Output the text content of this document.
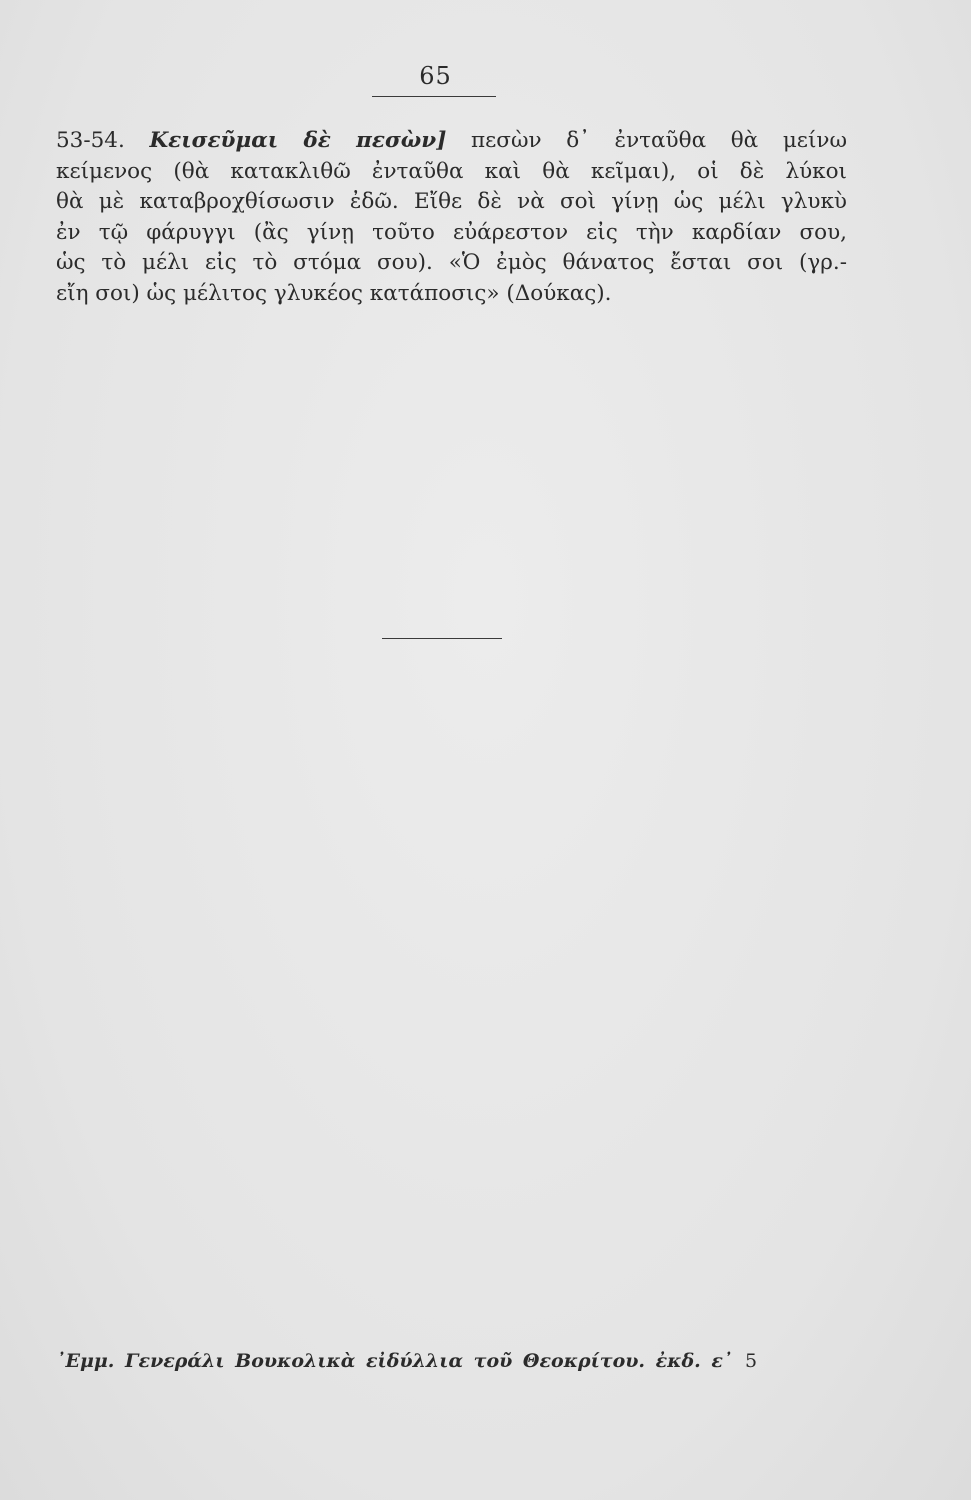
65
53-54. Κεισεῦμαι δὲ πεσὼν] πεσὼν δ᾽ ἐνταῦθα θὰ μείνω
κείμενος (θὰ κατακλιθῶ ἐνταῦθα καὶ θὰ κεῖμαι), οἱ δὲ λύκοι
θὰ μὲ καταβροχθίσωσιν ἐδῶ. Εἴθε δὲ νὰ σοὶ γίνῃ ὡς μέλι γλυκὺ
ἐν τῷ φάρυγγι (ἂς γίνῃ τοῦτο εὐάρεστον εἰς τὴν καρδίαν σου,
ὡς τὸ μέλι εἰς τὸ στόμα σου). «Ὁ ἐμὸς θάνατος ἔσται σοι (γρ.-
εἴη σοι) ὡς μέλιτος γλυκέος κατάποσις» (Δούκας).
᾽Εμμ. Γενεράλι Βουκολικὰ εἰδύλλια τοῦ Θεοκρίτου. ἐκδ. ε᾽ 5
